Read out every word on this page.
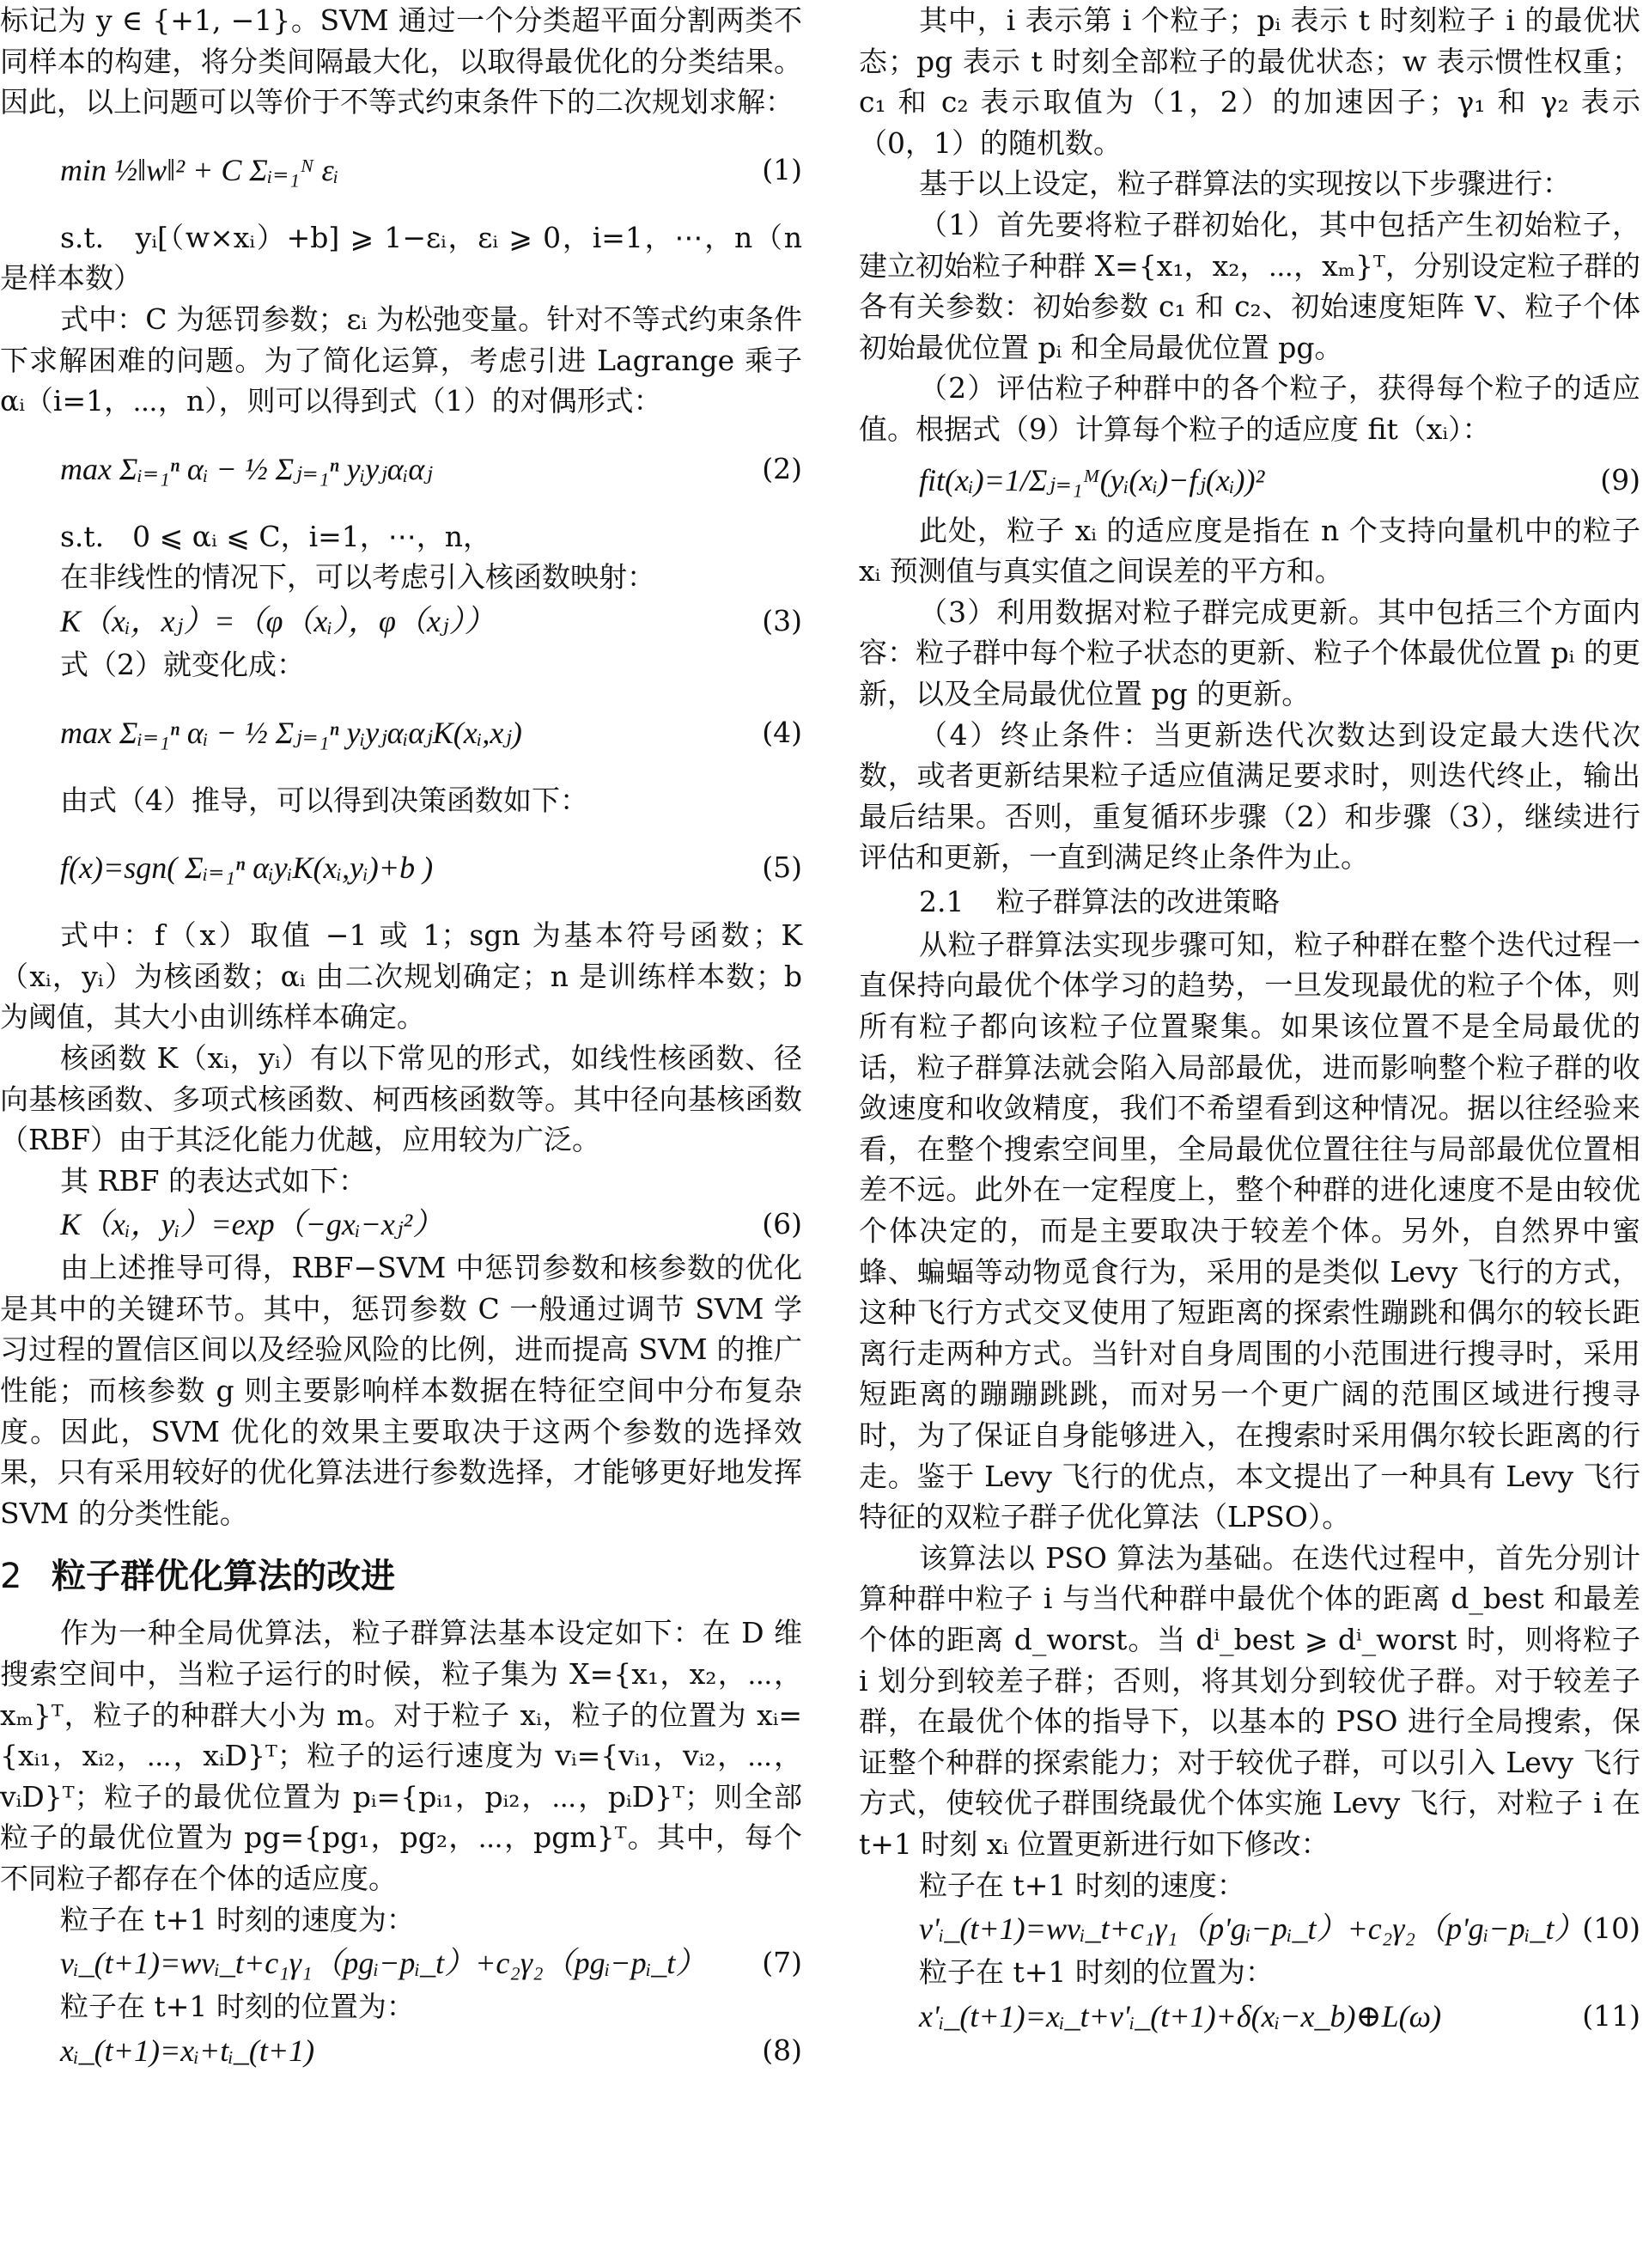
标记为 y ∈ {+1, −1}。SVM 通过一个分类超平面分割两类不同样本的构建，将分类间隔最大化，以取得最优化的分类结果。因此，以上问题可以等价于不等式约束条件下的二次规划求解：

min ½‖w‖² + C Σᵢ₌₁ᴺ εᵢ	(1)

s.t.　yᵢ[（w×xᵢ）+b] ⩾ 1−εᵢ，εᵢ ⩾ 0，i=1，⋯，n（n 是样本数）

式中：C 为惩罚参数；εᵢ 为松弛变量。针对不等式约束条件下求解困难的问题。为了简化运算，考虑引进 Lagrange 乘子 αᵢ（i=1，⋯，n），则可以得到式（1）的对偶形式：

max Σᵢ₌₁ⁿ αᵢ − ½ Σⱼ₌₁ⁿ yᵢyⱼαᵢαⱼ	(2)

s.t.　0 ⩽ αᵢ ⩽ C，i=1，⋯，n，

在非线性的情况下，可以考虑引入核函数映射：

K（xᵢ，xⱼ）=（φ（xᵢ），φ（xⱼ））	(3)

式（2）就变化成：

max Σᵢ₌₁ⁿ αᵢ − ½ Σⱼ₌₁ⁿ yᵢyⱼαᵢαⱼK(xᵢ,xⱼ)	(4)

由式（4）推导，可以得到决策函数如下：

f(x)=sgn( Σᵢ₌₁ⁿ αᵢyᵢK(xᵢ,yᵢ)+b )	(5)

式中：f（x）取值 −1 或 1；sgn 为基本符号函数；K（xᵢ，yᵢ）为核函数；αᵢ 由二次规划确定；n 是训练样本数；b 为阈值，其大小由训练样本确定。

核函数 K（xᵢ，yᵢ）有以下常见的形式，如线性核函数、径向基核函数、多项式核函数、柯西核函数等。其中径向基核函数（RBF）由于其泛化能力优越，应用较为广泛。

其 RBF 的表达式如下：

K（xᵢ，yᵢ）=exp（−gxᵢ−xⱼ²）	(6)

由上述推导可得，RBF−SVM 中惩罚参数和核参数的优化是其中的关键环节。其中，惩罚参数 C 一般通过调节 SVM 学习过程的置信区间以及经验风险的比例，进而提高 SVM 的推广性能；而核参数 g 则主要影响样本数据在特征空间中分布复杂度。因此，SVM 优化的效果主要取决于这两个参数的选择效果，只有采用较好的优化算法进行参数选择，才能够更好地发挥 SVM 的分类性能。

2 粒子群优化算法的改进

作为一种全局优算法，粒子群算法基本设定如下：在 D 维搜索空间中，当粒子运行的时候，粒子集为 X={x₁，x₂，⋯，xₘ}ᵀ，粒子的种群大小为 m。对于粒子 xᵢ，粒子的位置为 xᵢ={xᵢ₁，xᵢ₂，⋯，xᵢD}ᵀ；粒子的运行速度为 vᵢ={vᵢ₁，vᵢ₂，⋯，vᵢD}ᵀ；粒子的最优位置为 pᵢ={pᵢ₁，pᵢ₂，⋯，pᵢD}ᵀ；则全部粒子的最优位置为 pg={pg₁，pg₂，⋯，pgm}ᵀ。其中，每个不同粒子都存在个体的适应度。

粒子在 t+1 时刻的速度为：

vᵢ_(t+1)=wvᵢ_t+c₁γ₁（pgᵢ−pᵢ_t）+c₂γ₂（pgᵢ−pᵢ_t） (7)

粒子在 t+1 时刻的位置为：

xᵢ_(t+1)=xᵢ+tᵢ_(t+1)	(8)

其中，i 表示第 i 个粒子；pᵢ 表示 t 时刻粒子 i 的最优状态；pg 表示 t 时刻全部粒子的最优状态；w 表示惯性权重；c₁ 和 c₂ 表示取值为（1，2）的加速因子；γ₁ 和 γ₂ 表示（0，1）的随机数。

基于以上设定，粒子群算法的实现按以下步骤进行：

（1）首先要将粒子群初始化，其中包括产生初始粒子，建立初始粒子种群 X={x₁，x₂，⋯，xₘ}ᵀ，分别设定粒子群的各有关参数：初始参数 c₁ 和 c₂、初始速度矩阵 V、粒子个体初始最优位置 pᵢ 和全局最优位置 pg。

（2）评估粒子种群中的各个粒子，获得每个粒子的适应值。根据式（9）计算每个粒子的适应度 fit（xᵢ）：

fit(xᵢ)=1/Σⱼ₌₁ᴹ(yᵢ(xᵢ)−fⱼ(xᵢ))²	(9)

此处，粒子 xᵢ 的适应度是指在 n 个支持向量机中的粒子 xᵢ 预测值与真实值之间误差的平方和。

（3）利用数据对粒子群完成更新。其中包括三个方面内容：粒子群中每个粒子状态的更新、粒子个体最优位置 pᵢ 的更新，以及全局最优位置 pg 的更新。

（4）终止条件：当更新迭代次数达到设定最大迭代次数，或者更新结果粒子适应值满足要求时，则迭代终止，输出最后结果。否则，重复循环步骤（2）和步骤（3），继续进行评估和更新，一直到满足终止条件为止。

2.1 粒子群算法的改进策略

从粒子群算法实现步骤可知，粒子种群在整个迭代过程一直保持向最优个体学习的趋势，一旦发现最优的粒子个体，则所有粒子都向该粒子位置聚集。如果该位置不是全局最优的话，粒子群算法就会陷入局部最优，进而影响整个粒子群的收敛速度和收敛精度，我们不希望看到这种情况。据以往经验来看，在整个搜索空间里，全局最优位置往往与局部最优位置相差不远。此外在一定程度上，整个种群的进化速度不是由较优个体决定的，而是主要取决于较差个体。另外，自然界中蜜蜂、蝙蝠等动物觅食行为，采用的是类似 Levy 飞行的方式，这种飞行方式交叉使用了短距离的探索性蹦跳和偶尔的较长距离行走两种方式。当针对自身周围的小范围进行搜寻时，采用短距离的蹦蹦跳跳，而对另一个更广阔的范围区域进行搜寻时，为了保证自身能够进入，在搜索时采用偶尔较长距离的行走。鉴于 Levy 飞行的优点，本文提出了一种具有 Levy 飞行特征的双粒子群子优化算法（LPSO）。

该算法以 PSO 算法为基础。在迭代过程中，首先分别计算种群中粒子 i 与当代种群中最优个体的距离 d_best 和最差个体的距离 d_worst。当 dⁱ_best ⩾ dⁱ_worst 时，则将粒子 i 划分到较差子群；否则，将其划分到较优子群。对于较差子群，在最优个体的指导下，以基本的 PSO 进行全局搜索，保证整个种群的探索能力；对于较优子群，可以引入 Levy 飞行方式，使较优子群围绕最优个体实施 Levy 飞行，对粒子 i 在 t+1 时刻 xᵢ 位置更新进行如下修改：

粒子在 t+1 时刻的速度：

v'ᵢ_(t+1)=wvᵢ_t+c₁γ₁（p'gᵢ−pᵢ_t）+c₂γ₂（p'gᵢ−pᵢ_t）
(10)

粒子在 t+1 时刻的位置为：

x'ᵢ_(t+1)=xᵢ_t+v'ᵢ_(t+1)+δ(xᵢ−x_b)⊕L(ω)	(11)
